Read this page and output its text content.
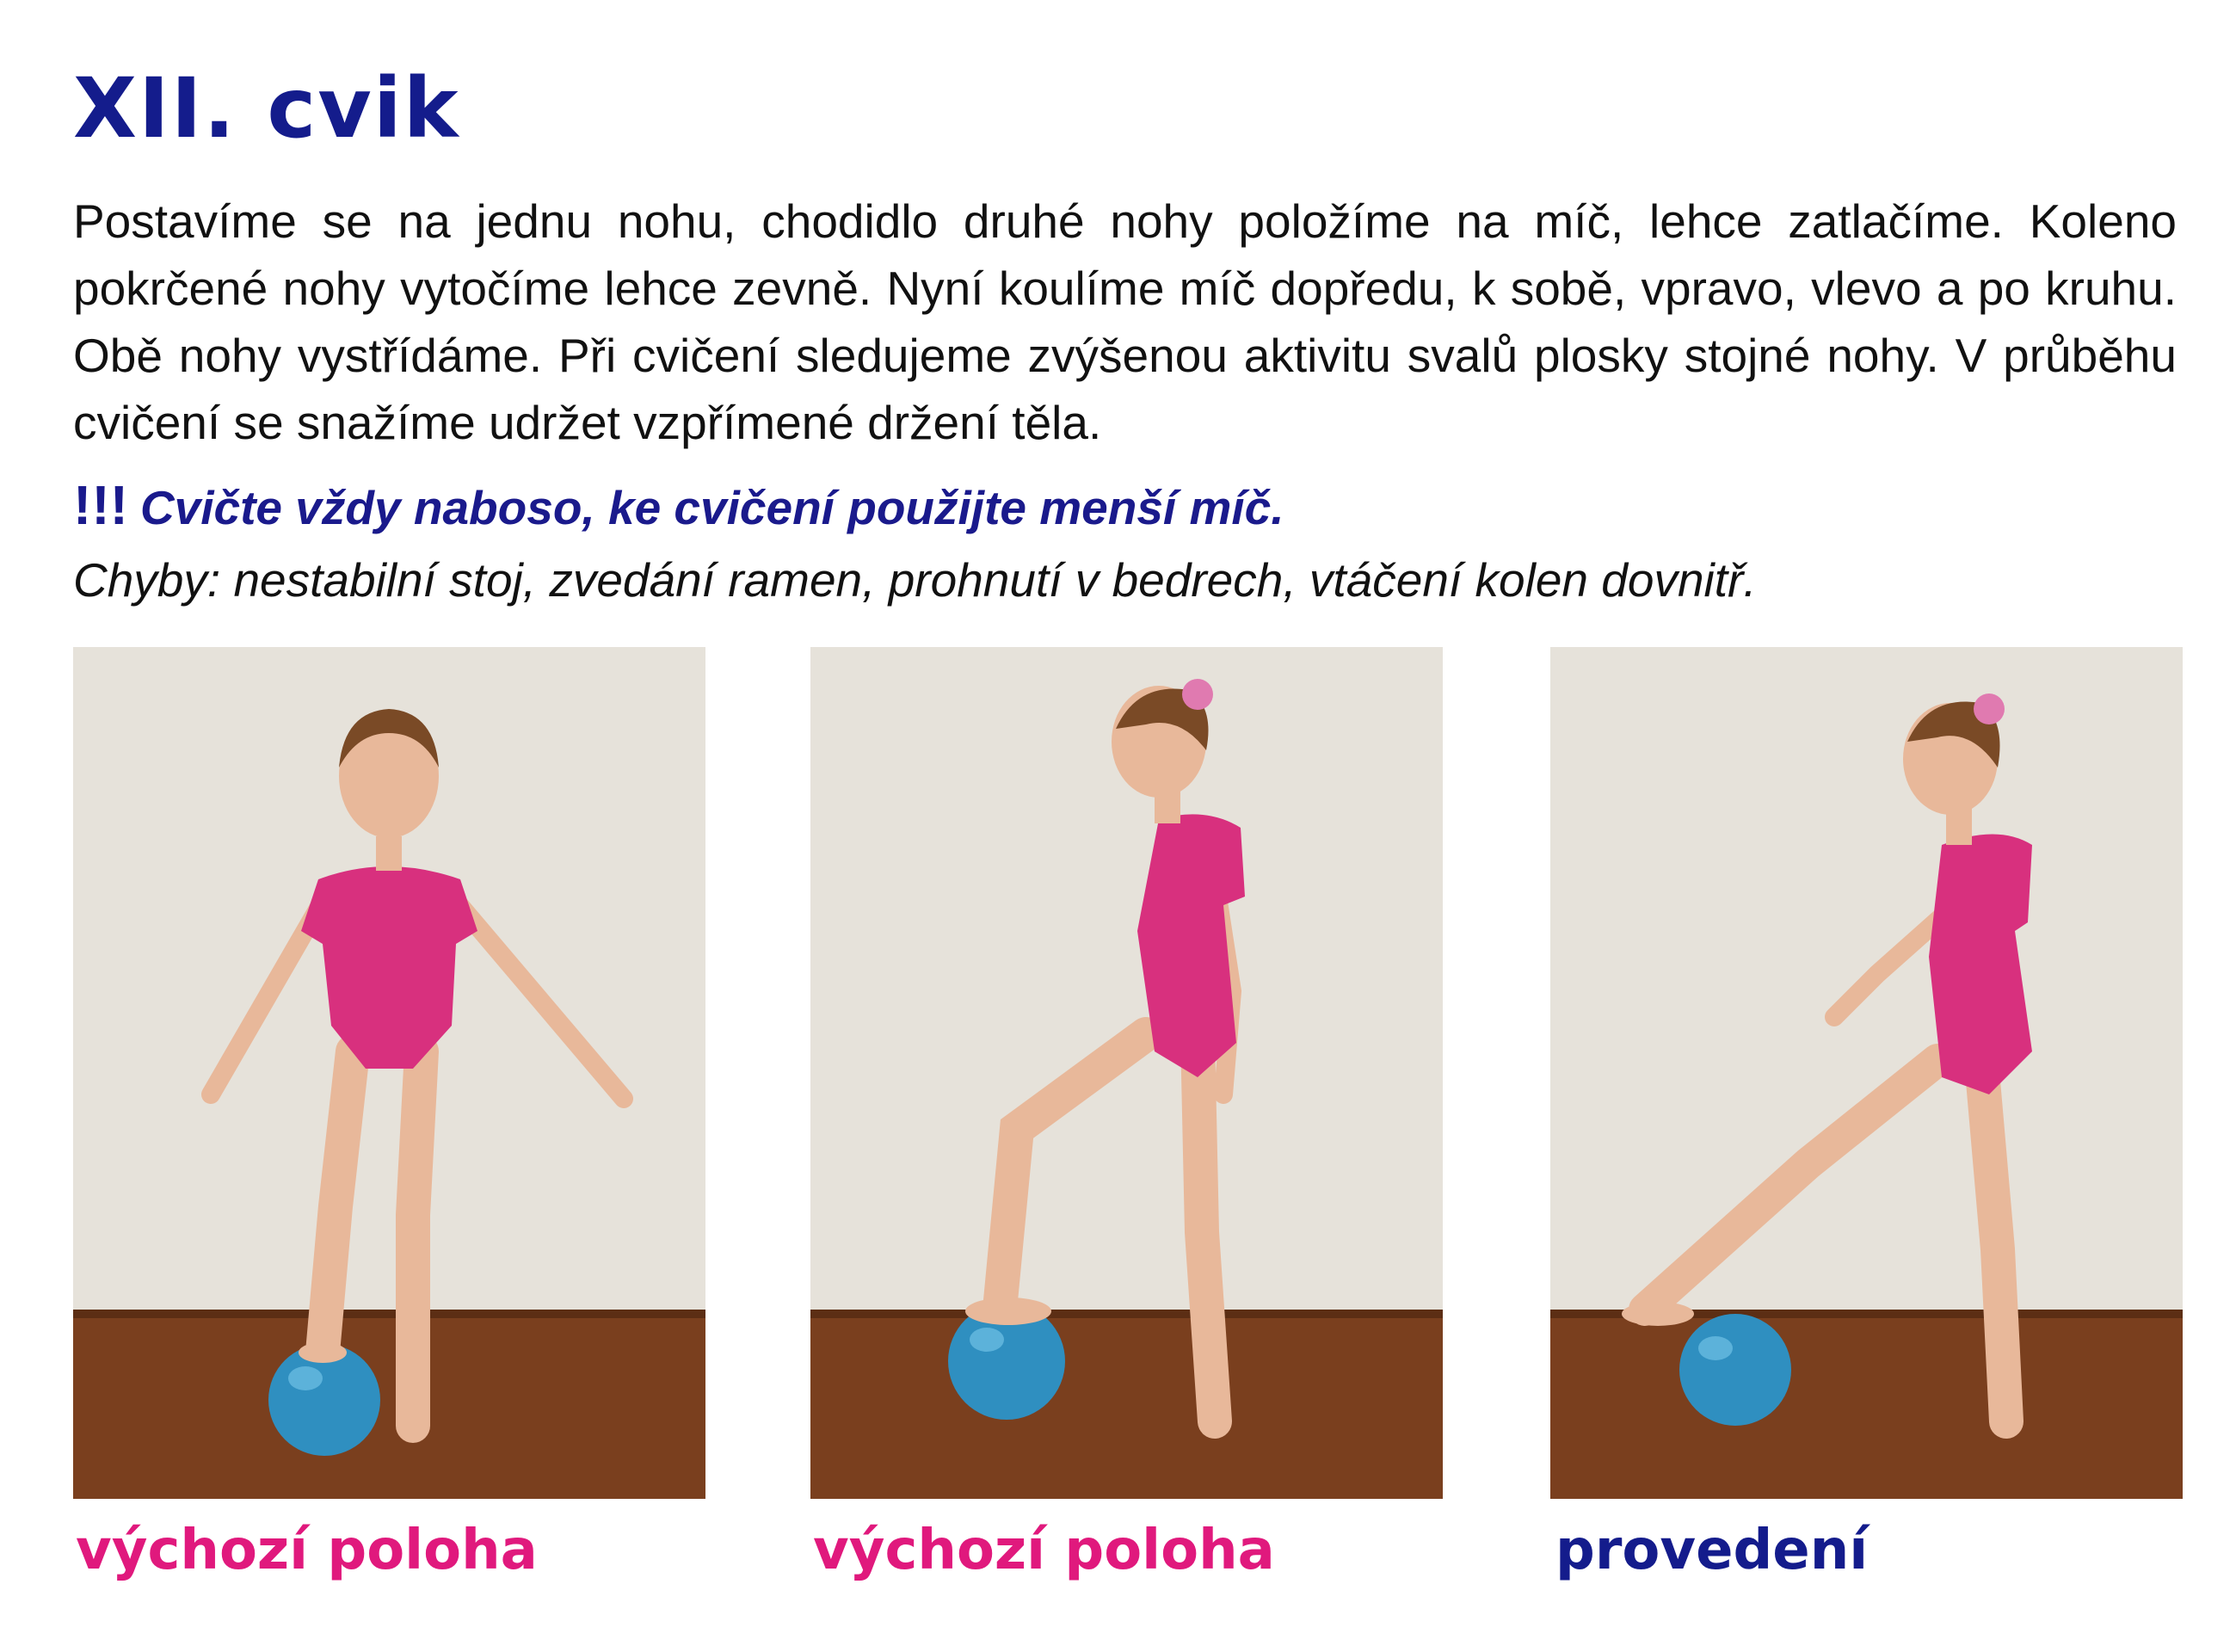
XII. cvik
Postavíme se na jednu nohu, chodidlo druhé nohy položíme na míč, lehce zatlačíme. Koleno pokrčené nohy vytočíme lehce zevně. Nyní koulíme míč dopředu, k sobě, vpravo, vlevo a po kruhu. Obě nohy vystřídáme. Při cvičení sledujeme zvýšenou aktivitu svalů plosky stojné nohy. V průběhu cvičení se snažíme udržet vzpřímené držení těla.
!!! Cvičte vždy naboso, ke cvičení použijte menší míč.
Chyby: nestabilní stoj, zvedání ramen, prohnutí v bedrech, vtáčení kolen dovnitř.
výchozí poloha	výchozí poloha	provedení
